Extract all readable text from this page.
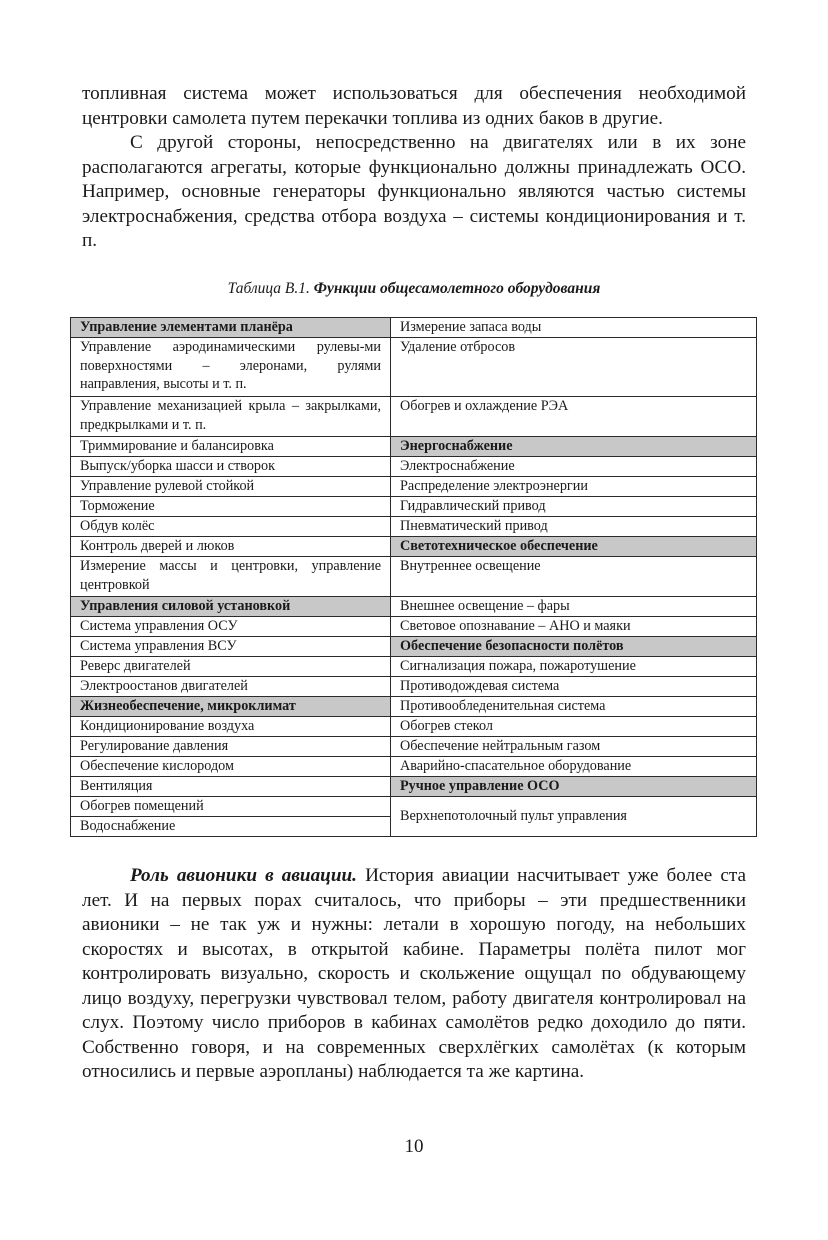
топливная система может использоваться для обеспечения необходимой центровки самолета путем перекачки топлива из одних баков в другие.

С другой стороны, непосредственно на двигателях или в их зоне располагаются агрегаты, которые функционально должны принадлежать ОСО. Например, основные генераторы функционально являются частью системы электроснабжения, средства отбора воздуха – системы кондиционирования и т. п.

Таблица В.1. Функции общесамолетного оборудования
Управление элементами планёра	Измерение запаса воды
Управление аэродинамическими рулевы-ми поверхностями – элеронами, рулями направления, высоты и т. п.	Удаление отбросов
Управление механизацией крыла – закрылками, предкрылками и т. п.	Обогрев и охлаждение РЭА
Триммирование и балансировка	Энергоснабжение
Выпуск/уборка шасси и створок	Электроснабжение
Управление рулевой стойкой	Распределение электроэнергии
Торможение	Гидравлический привод
Обдув колёс	Пневматический привод
Контроль дверей и люков	Светотехническое обеспечение
Измерение массы и центровки, управление центровкой	Внутреннее освещение
Управления силовой установкой	Внешнее освещение – фары
Система управления ОСУ	Световое опознавание – АНО и маяки
Система управления ВСУ	Обеспечение безопасности полётов
Реверс двигателей	Сигнализация пожара, пожаротушение
Электроостанов двигателей	Противодождевая система
Жизнеобеспечение, микроклимат	Противообледенительная система
Кондиционирование воздуха	Обогрев стекол
Регулирование давления	Обеспечение нейтральным газом
Обеспечение кислородом	Аварийно-спасательное оборудование
Вентиляция	Ручное управление ОСО
Обогрев помещений	Верхнепотолочный пульт управления
Водоснабжение	

Роль авионики в авиации. История авиации насчитывает уже более ста лет. И на первых порах считалось, что приборы – эти предшественники авионики – не так уж и нужны: летали в хорошую погоду, на небольших скоростях и высотах, в открытой кабине. Параметры полёта пилот мог контролировать визуально, скорость и скольжение ощущал по обдувающему лицо воздуху, перегрузки чувствовал телом, работу двигателя контролировал на слух. Поэтому число приборов в кабинах самолётов редко доходило до пяти. Собственно говоря, и на современных сверхлёгких самолётах (к которым относились и первые аэропланы) наблюдается та же картина.

10
